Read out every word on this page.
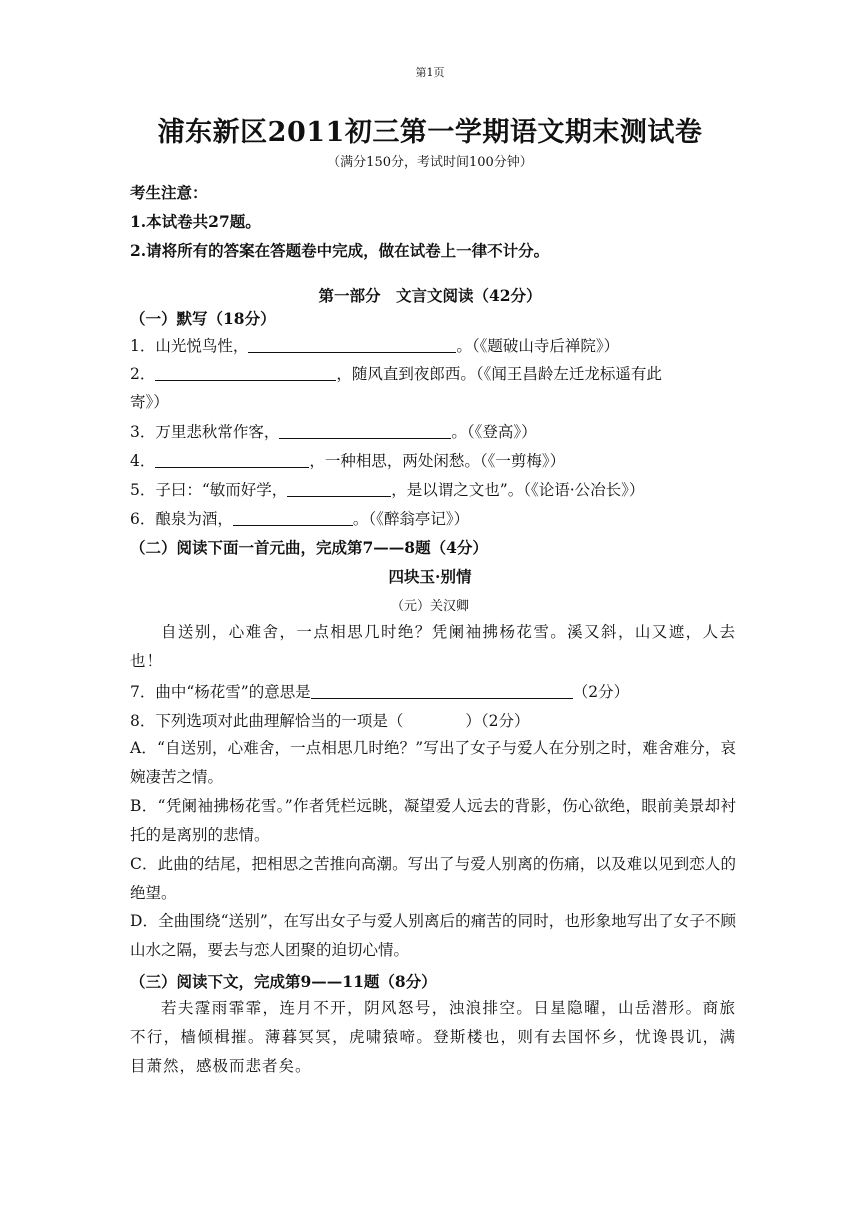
第1页
浦东新区2011初三第一学期语文期末测试卷
（满分150分，考试时间100分钟）
考生注意：
1.本试卷共27题。
2.请将所有的答案在答题卷中完成，做在试卷上一律不计分。
第一部分　文言文阅读（42分）
（一）默写（18分）
1．山光悦鸟性，	。（《题破山寺后禅院》）
2．	，随风直到夜郎西。（《闻王昌龄左迁龙标遥有此
寄》）
3．万里悲秋常作客，	。（《登高》）
4．	，一种相思，两处闲愁。（《一剪梅》）
5．子曰：“敏而好学，	，是以谓之文也”。（《论语·公冶长》）
6．酿泉为酒，	。（《醉翁亭记》）
（二）阅读下面一首元曲，完成第7——8题（4分）
四块玉·别情
（元）关汉卿
自送别，心难舍，一点相思几时绝？凭阑袖拂杨花雪。溪又斜，山又遮，人去也！
7．曲中“杨花雪”的意思是	（2分）
8．下列选项对此曲理解恰当的一项是（　　　　）（2分）
A．“自送别，心难舍，一点相思几时绝？”写出了女子与爱人在分别之时，难舍难分，哀婉凄苦之情。
B．“凭阑袖拂杨花雪。”作者凭栏远眺，凝望爱人远去的背影，伤心欲绝，眼前美景却衬托的是离别的悲情。
C．此曲的结尾，把相思之苦推向高潮。写出了与爱人别离的伤痛，以及难以见到恋人的绝望。
D．全曲围绕“送别”，在写出女子与爱人别离后的痛苦的同时，也形象地写出了女子不顾山水之隔，要去与恋人团聚的迫切心情。
（三）阅读下文，完成第9——11题（8分）
若夫霪雨霏霏，连月不开，阴风怒号，浊浪排空。日星隐曜，山岳潜形。商旅不行，樯倾楫摧。薄暮冥冥，虎啸猿啼。登斯楼也，则有去国怀乡，忧谗畏讥，满目萧然，感极而悲者矣。
